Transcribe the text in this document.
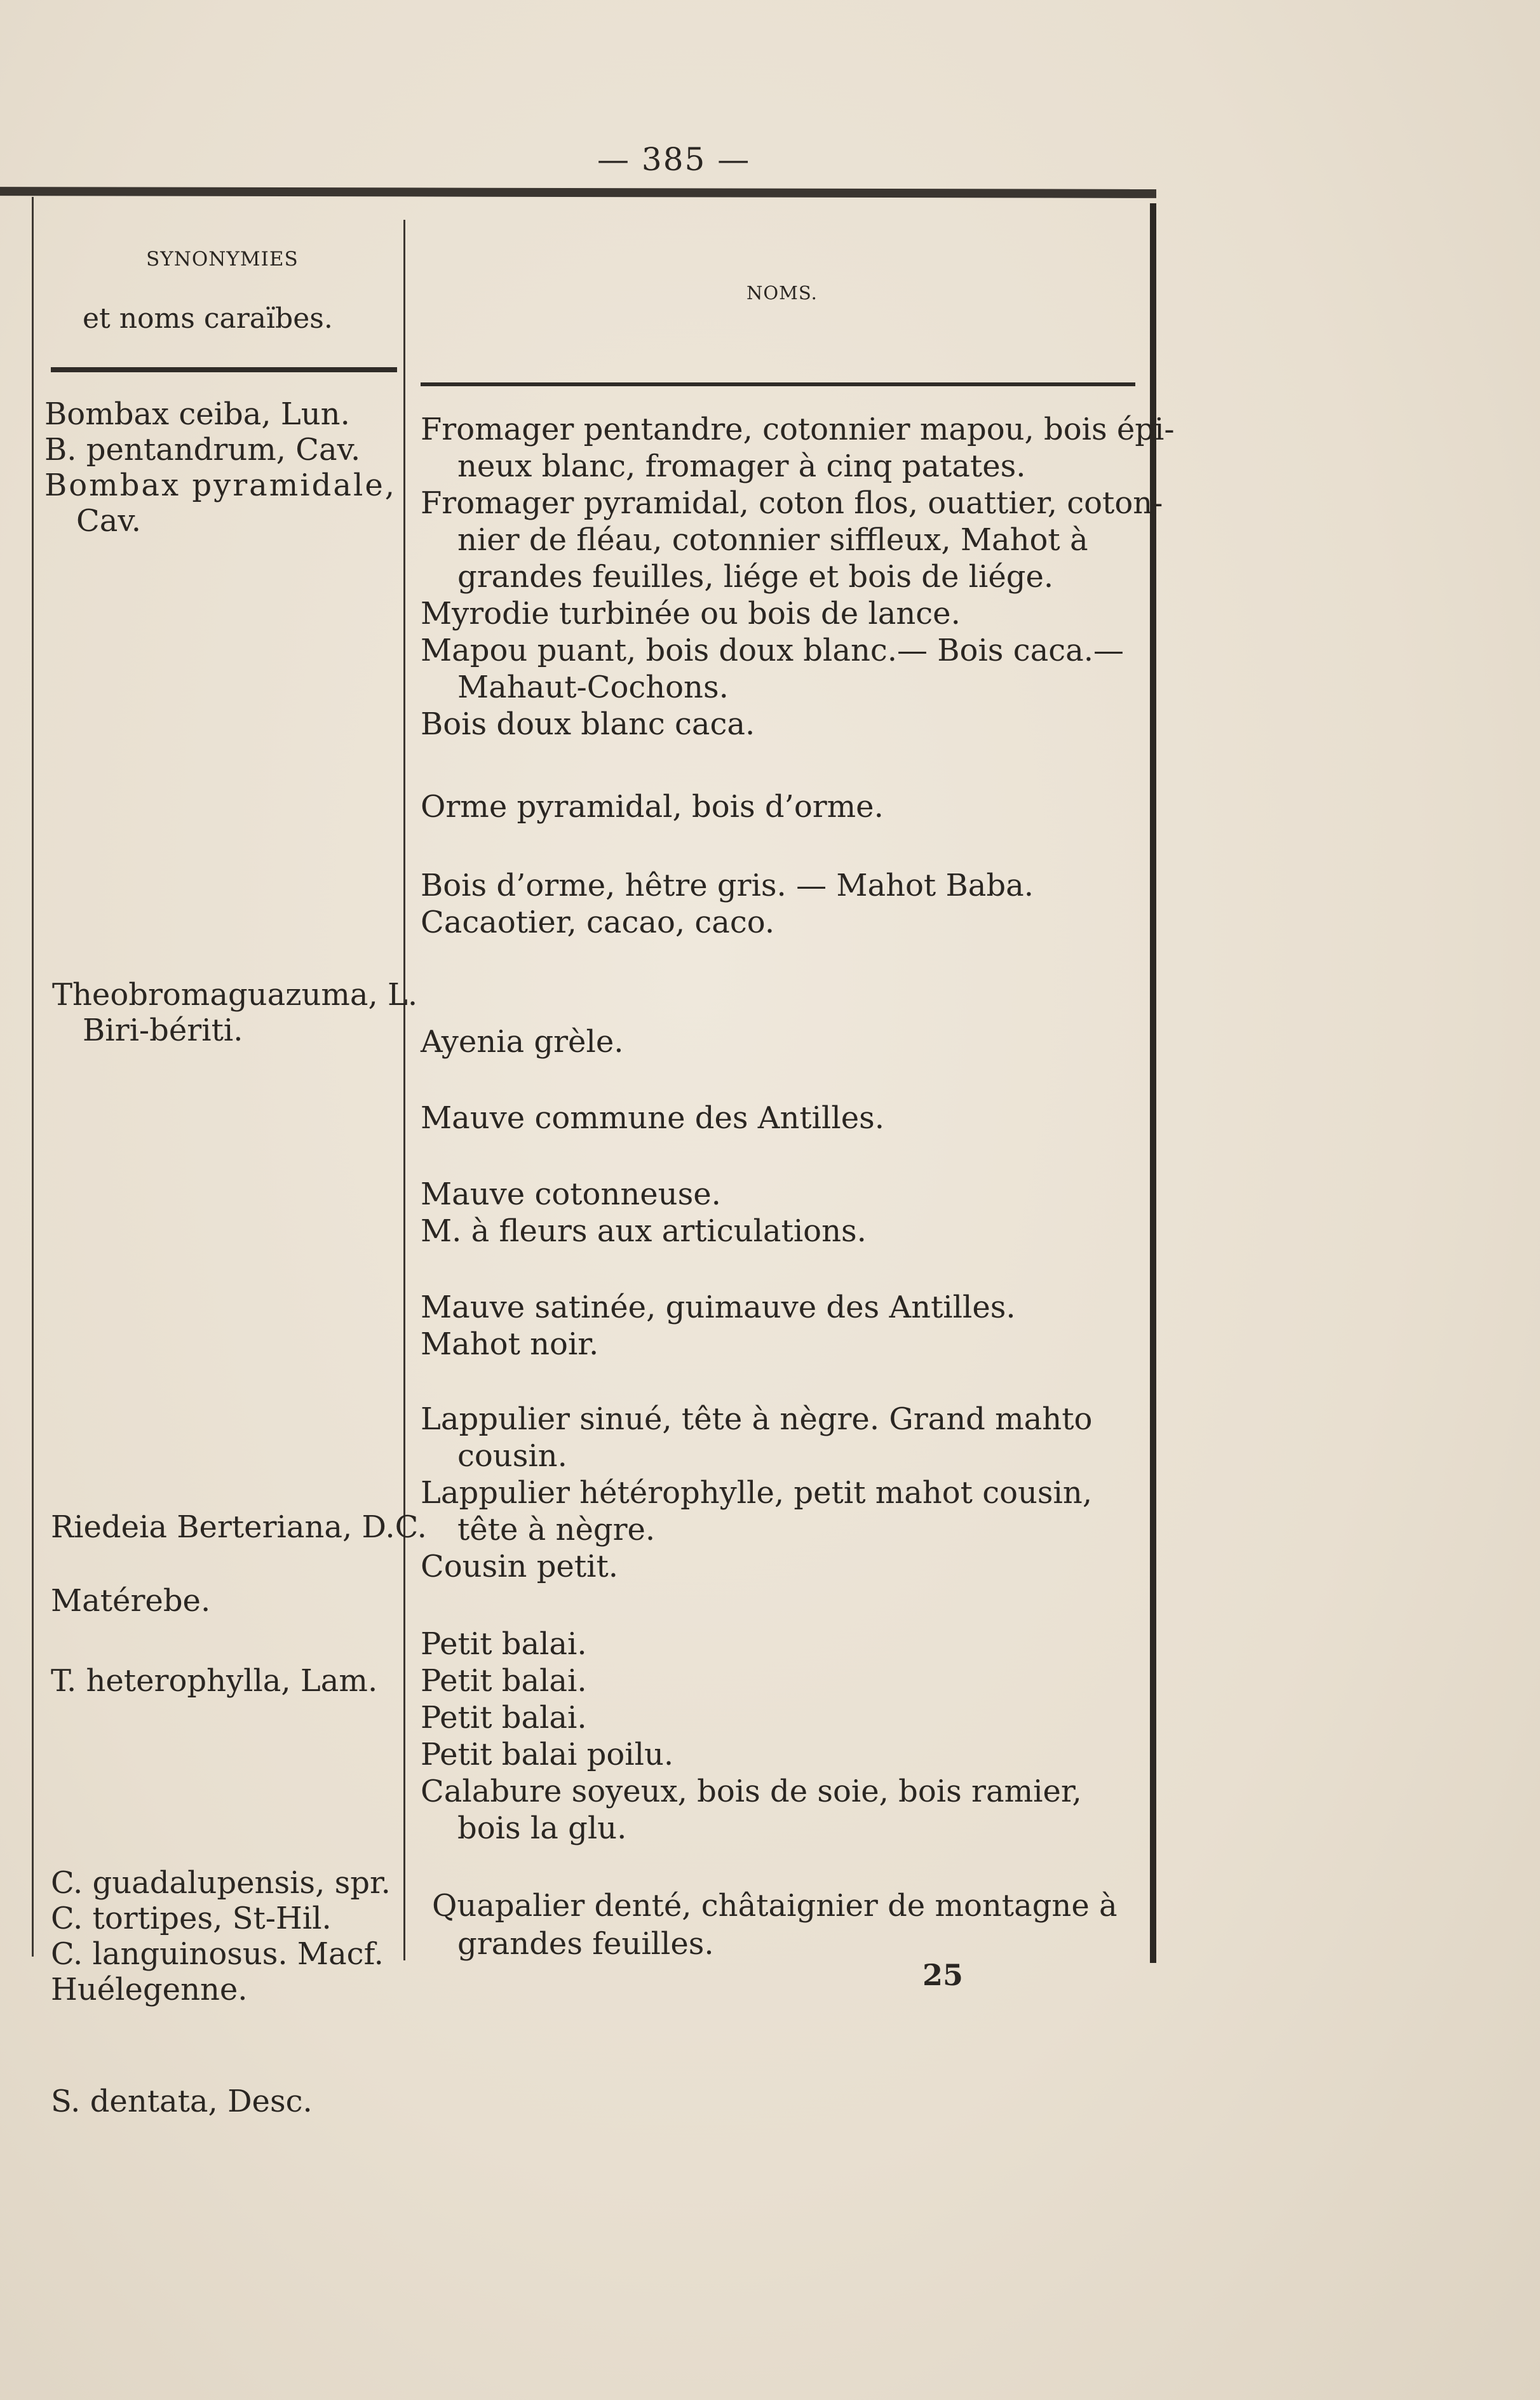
— 385 —
SYNONYMIES
et noms caraïbes.
NOMS.
Bombax ceiba, Lun.
B. pentandrum, Cav.
Bombax pyramidale,
Cav.
Theobromaguazuma, L.
Biri-bériti.
Riedeia Berteriana, D.C.
Matérebe.
T. heterophylla, Lam.
C. guadalupensis, spr.
C. tortipes, St-Hil.
C. languinosus. Macf.
Huélegenne.
S. dentata, Desc.
Fromager pentandre, cotonnier mapou, bois épi-
neux blanc, fromager à cinq patates.
Fromager pyramidal, coton flos, ouattier, coton-
nier de fléau, cotonnier siffleux, Mahot à
grandes feuilles, liége et bois de liége.
Myrodie turbinée ou bois de lance.
Mapou puant, bois doux blanc.— Bois caca.—
Mahaut-Cochons.
Bois doux blanc caca.
Orme pyramidal, bois d’orme.
Bois d’orme, hêtre gris. — Mahot Baba.
Cacaotier, cacao, caco.
Ayenia grèle.
Mauve commune des Antilles.
Mauve cotonneuse.
M. à fleurs aux articulations.
Mauve satinée, guimauve des Antilles.
Mahot noir.
Lappulier sinué, tête à nègre. Grand mahto
cousin.
Lappulier hétérophylle, petit mahot cousin,
tête à nègre.
Cousin petit.
Petit balai.
Petit balai.
Petit balai.
Petit balai poilu.
Calabure soyeux, bois de soie, bois ramier,
bois la glu.
Quapalier denté, châtaignier de montagne à
grandes feuilles.
25
